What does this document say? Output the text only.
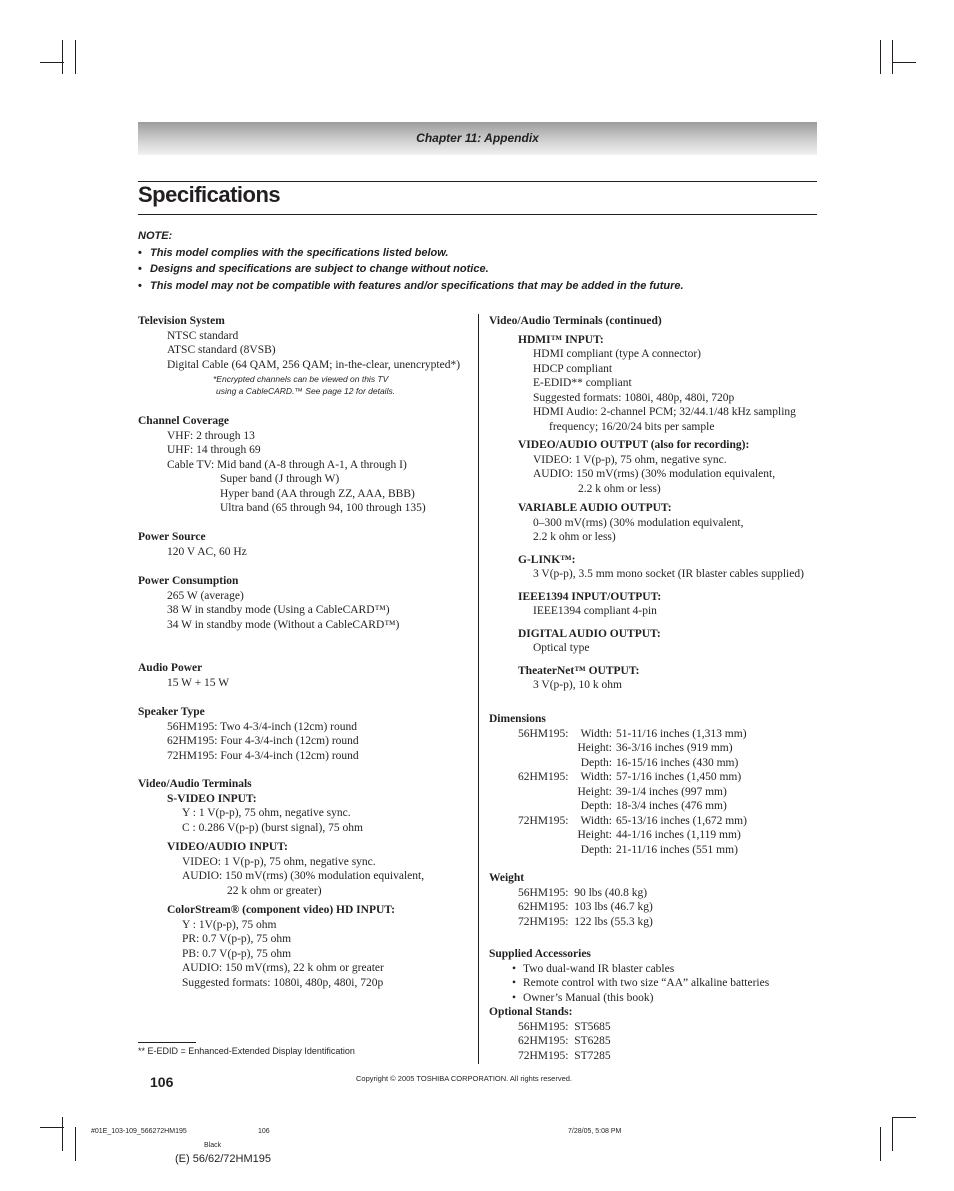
Chapter 11: Appendix
Specifications
NOTE:
• This model complies with the specifications listed below.
• Designs and specifications are subject to change without notice.
• This model may not be compatible with features and/or specifications that may be added in the future.
Television System
NTSC standard
ATSC standard (8VSB)
Digital Cable (64 QAM, 256 QAM; in-the-clear, unencrypted*)
*Encrypted channels can be viewed on this TV
using a CableCARD.™ See page 12 for details.
Channel Coverage
VHF: 2 through 13
UHF: 14 through 69
Cable TV: Mid band (A-8 through A-1, A through I)
Super band (J through W)
Hyper band (AA through ZZ, AAA, BBB)
Ultra band (65 through 94, 100 through 135)
Power Source
120 V AC, 60 Hz
Power Consumption
265 W (average)
38 W in standby mode (Using a CableCARD™)
34 W in standby mode (Without a CableCARD™)
Audio Power
15 W + 15 W
Speaker Type
56HM195: Two 4-3/4-inch (12cm) round
62HM195: Four 4-3/4-inch (12cm) round
72HM195: Four 4-3/4-inch (12cm) round
Video/Audio Terminals
S-VIDEO INPUT:
Y : 1 V(p-p), 75 ohm, negative sync.
C : 0.286 V(p-p) (burst signal), 75 ohm
VIDEO/AUDIO INPUT:
VIDEO: 1 V(p-p), 75 ohm, negative sync.
AUDIO: 150 mV(rms) (30% modulation equivalent,
22 k ohm or greater)
ColorStream® (component video) HD INPUT:
Y : 1V(p-p), 75 ohm
PR: 0.7 V(p-p), 75 ohm
PB: 0.7 V(p-p), 75 ohm
AUDIO: 150 mV(rms), 22 k ohm or greater
Suggested formats: 1080i, 480p, 480i, 720p
Video/Audio Terminals (continued)
HDMI™ INPUT:
HDMI compliant (type A connector)
HDCP compliant
E-EDID** compliant
Suggested formats: 1080i, 480p, 480i, 720p
HDMI Audio: 2-channel PCM; 32/44.1/48 kHz sampling
frequency; 16/20/24 bits per sample
VIDEO/AUDIO OUTPUT (also for recording):
VIDEO: 1 V(p-p), 75 ohm, negative sync.
AUDIO: 150 mV(rms) (30% modulation equivalent,
2.2 k ohm or less)
VARIABLE AUDIO OUTPUT:
0–300 mV(rms) (30% modulation equivalent,
2.2 k ohm or less)
G-LINK™:
3 V(p-p), 3.5 mm mono socket (IR blaster cables supplied)
IEEE1394 INPUT/OUTPUT:
IEEE1394 compliant 4-pin
DIGITAL AUDIO OUTPUT:
Optical type
TheaterNet™ OUTPUT:
3 V(p-p), 10 k ohm
Dimensions
56HM195:	Width: 51-11/16 inches (1,313 mm)
Height: 36-3/16 inches (919 mm)
Depth: 16-15/16 inches (430 mm)
62HM195:	Width: 57-1/16 inches (1,450 mm)
Height: 39-1/4 inches (997 mm)
Depth: 18-3/4 inches (476 mm)
72HM195:	Width: 65-13/16 inches (1,672 mm)
Height: 44-1/16 inches (1,119 mm)
Depth: 21-11/16 inches (551 mm)
Weight
56HM195: 90 lbs (40.8 kg)
62HM195: 103 lbs (46.7 kg)
72HM195: 122 lbs (55.3 kg)
Supplied Accessories
• Two dual-wand IR blaster cables
• Remote control with two size “AA” alkaline batteries
• Owner’s Manual (this book)
Optional Stands:
56HM195: ST5685
62HM195: ST6285
72HM195: ST7285
** E-EDID = Enhanced-Extended Display Identification
106	Copyright © 2005 TOSHIBA CORPORATION. All rights reserved.
#01E_103-109_566272HM195	106	7/28/05, 5:08 PM
Black
(E) 56/62/72HM195
